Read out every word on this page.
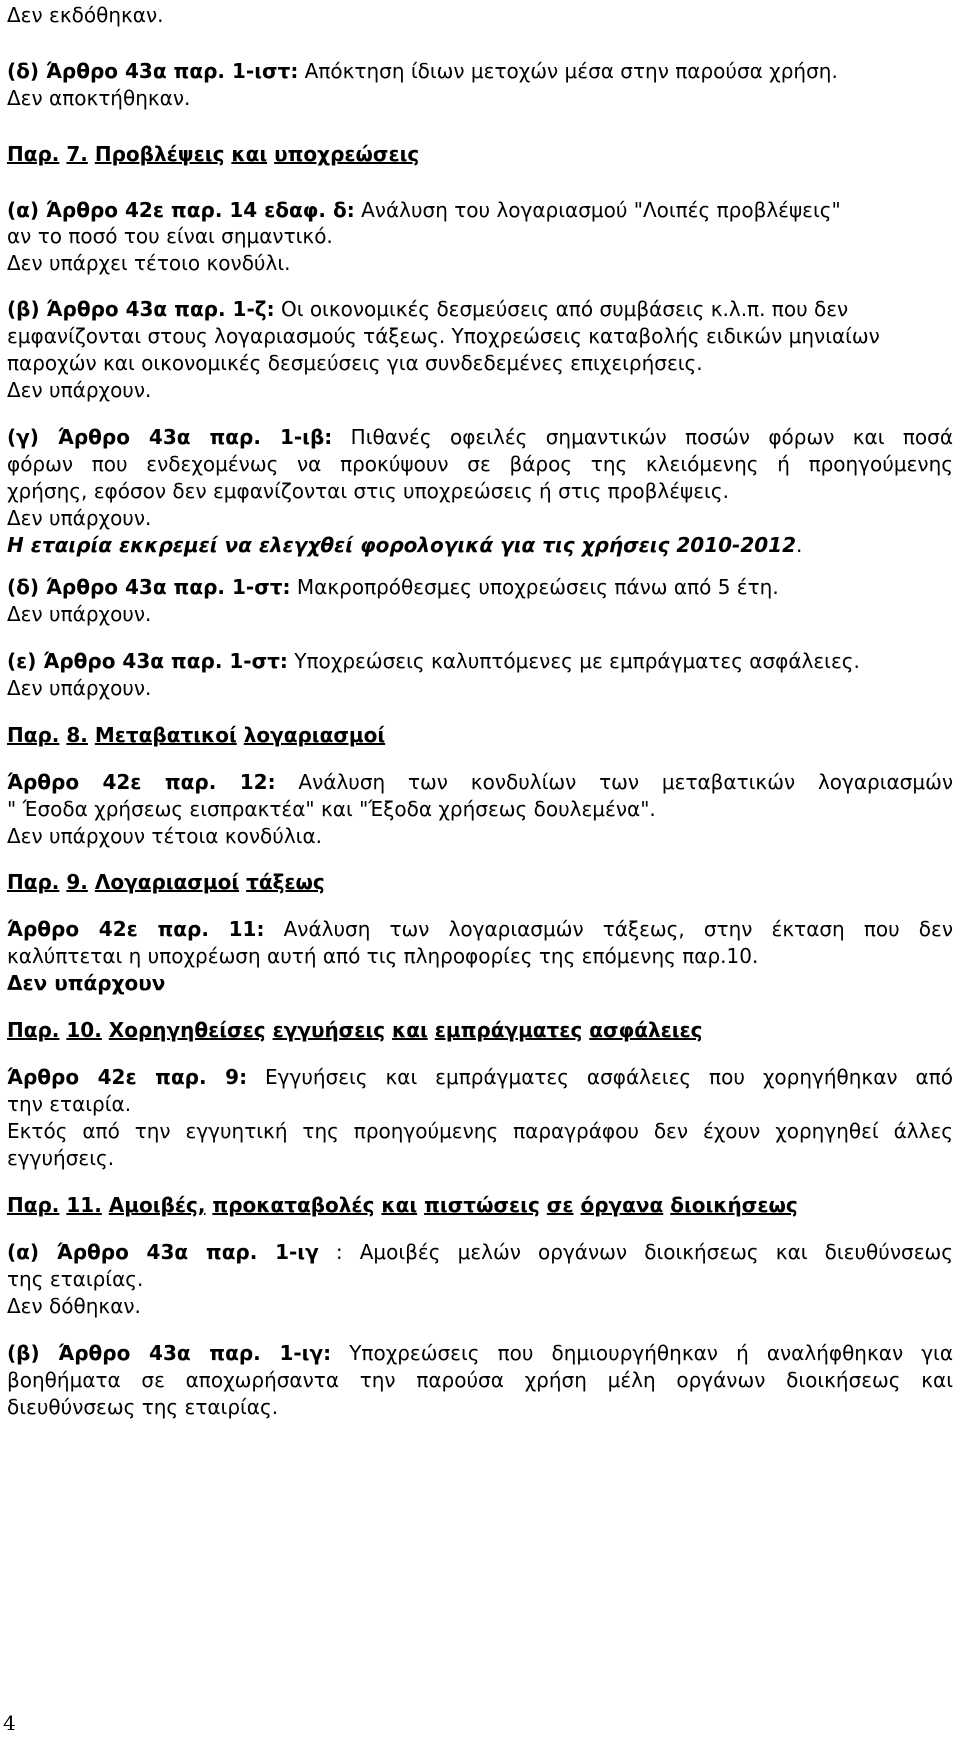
Δεν εκδόθηκαν.
(δ) Άρθρο 43α παρ. 1-ιστ: Απόκτηση ίδιων μετοχών μέσα στην παρούσα χρήση.
Δεν αποκτήθηκαν.
Παρ. 7. Προβλέψεις και υποχρεώσεις
(α) Άρθρο 42ε παρ. 14 εδαφ. δ: Ανάλυση του λογαριασμού "Λοιπές προβλέψεις"
αν το ποσό του είναι σημαντικό.
Δεν υπάρχει τέτοιο κονδύλι.
(β) Άρθρο 43α παρ. 1-ζ: Οι οικονομικές δεσμεύσεις από συμβάσεις κ.λ.π. που δεν
εμφανίζονται στους λογαριασμούς τάξεως. Υποχρεώσεις καταβολής ειδικών μηνιαίων
παροχών και οικονομικές δεσμεύσεις για συνδεδεμένες επιχειρήσεις.
Δεν υπάρχουν.
(γ) Άρθρο 43α παρ. 1-ιβ: Πιθανές οφειλές σημαντικών ποσών φόρων και ποσά
φόρων που ενδεχομένως να προκύψουν σε βάρος της κλειόμενης ή προηγούμενης
χρήσης, εφόσον δεν εμφανίζονται στις υποχρεώσεις ή στις προβλέψεις.
Δεν υπάρχουν.
Η εταιρία εκκρεμεί να ελεγχθεί φορολογικά για τις χρήσεις 2010-2012.
(δ) Άρθρο 43α παρ. 1-στ: Μακροπρόθεσμες υποχρεώσεις πάνω από 5 έτη.
Δεν υπάρχουν.
(ε) Άρθρο 43α παρ. 1-στ: Υποχρεώσεις καλυπτόμενες με εμπράγματες ασφάλειες.
Δεν υπάρχουν.
Παρ. 8. Μεταβατικοί λογαριασμοί
Άρθρο 42ε παρ. 12: Ανάλυση των κονδυλίων των μεταβατικών λογαριασμών
" Έσοδα χρήσεως εισπρακτέα" και "Έξοδα χρήσεως δουλεμένα".
Δεν υπάρχουν τέτοια κονδύλια.
Παρ. 9. Λογαριασμοί τάξεως
Άρθρο 42ε παρ. 11: Ανάλυση των λογαριασμών τάξεως, στην έκταση που δεν
καλύπτεται η υποχρέωση αυτή από τις πληροφορίες της επόμενης παρ.10.
Δεν υπάρχουν
Παρ. 10. Χορηγηθείσες εγγυήσεις και εμπράγματες ασφάλειες
Άρθρο 42ε παρ. 9: Εγγυήσεις και εμπράγματες ασφάλειες που χορηγήθηκαν από
την εταιρία.
Εκτός από την εγγυητική της προηγούμενης παραγράφου δεν έχουν χορηγηθεί άλλες
εγγυήσεις.
Παρ. 11. Αμοιβές, προκαταβολές και πιστώσεις σε όργανα διοικήσεως
(α) Άρθρο 43α παρ. 1-ιγ : Αμοιβές μελών οργάνων διοικήσεως και διευθύνσεως
της εταιρίας.
Δεν δόθηκαν.
(β) Άρθρο 43α παρ. 1-ιγ: Υποχρεώσεις που δημιουργήθηκαν ή αναλήφθηκαν για
βοηθήματα σε αποχωρήσαντα την παρούσα χρήση μέλη οργάνων διοικήσεως και
διευθύνσεως της εταιρίας.
4
